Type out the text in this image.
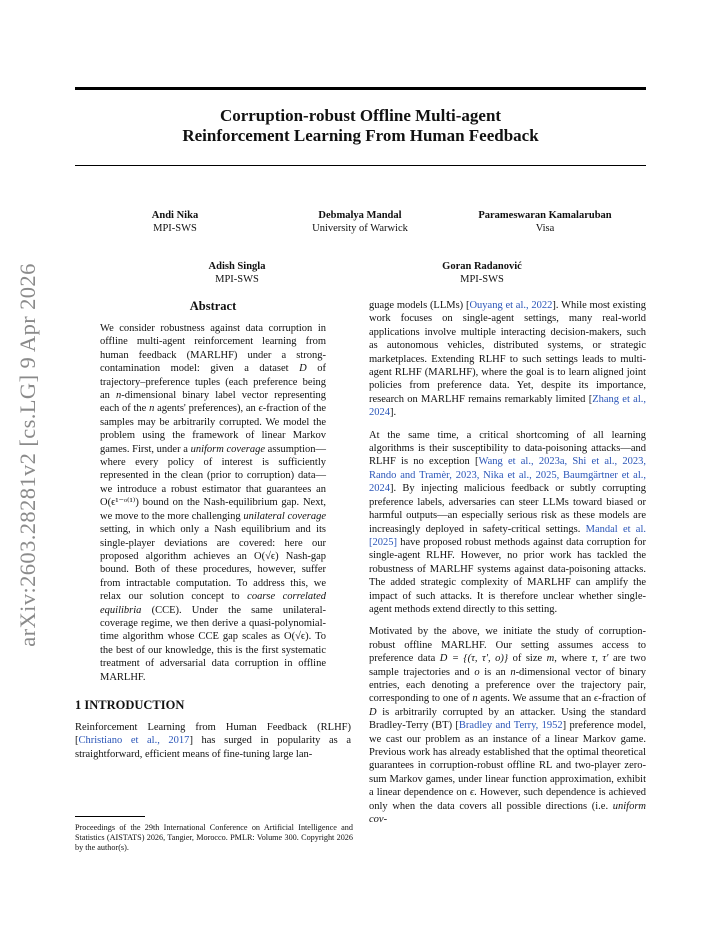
arXiv:2603.28281v2 [cs.LG] 9 Apr 2026
Corruption-robust Offline Multi-agent
Reinforcement Learning From Human Feedback
Andi Nika
MPI-SWS
Debmalya Mandal
University of Warwick
Parameswaran Kamalaruban
Visa
Adish Singla
MPI-SWS
Goran Radanović
MPI-SWS
Abstract

We consider robustness against data corruption in offline multi-agent reinforcement learning from human feedback (MARLHF) under a strong-contamination model: given a dataset D of trajectory–preference tuples (each preference being an n-dimensional binary label vector representing each of the n agents' preferences), an ϵ-fraction of the samples may be arbitrarily corrupted. We model the problem using the framework of linear Markov games. First, under a uniform coverage assumption—where every policy of interest is sufficiently represented in the clean (prior to corruption) data—we introduce a robust estimator that guarantees an O(ϵ¹⁻ᵒ⁽¹⁾) bound on the Nash-equilibrium gap. Next, we move to the more challenging unilateral coverage setting, in which only a Nash equilibrium and its single-player deviations are covered: here our proposed algorithm achieves an O(√ϵ) Nash-gap bound. Both of these procedures, however, suffer from intractable computation. To address this, we relax our solution concept to coarse correlated equilibria (CCE). Under the same unilateral-coverage regime, we then derive a quasi-polynomial-time algorithm whose CCE gap scales as O(√ϵ). To the best of our knowledge, this is the first systematic treatment of adversarial data corruption in offline MARLHF.

1 INTRODUCTION

Reinforcement Learning from Human Feedback (RLHF) [Christiano et al., 2017] has surged in popularity as a straightforward, efficient means of fine-tuning large lan-

Proceedings of the 29th International Conference on Artificial Intelligence and Statistics (AISTATS) 2026, Tangier, Morocco. PMLR: Volume 300. Copyright 2026 by the author(s).

guage models (LLMs) [Ouyang et al., 2022]. While most existing work focuses on single-agent settings, many real-world applications involve multiple interacting decision-makers, such as autonomous vehicles, distributed systems, or strategic marketplaces. Extending RLHF to such settings leads to multi-agent RLHF (MARLHF), where the goal is to learn aligned joint policies from preference data. Yet, despite its importance, research on MARLHF remains remarkably limited [Zhang et al., 2024].

At the same time, a critical shortcoming of all learning algorithms is their susceptibility to data-poisoning attacks—and RLHF is no exception [Wang et al., 2023a, Shi et al., 2023, Rando and Tramèr, 2023, Nika et al., 2025, Baumgärtner et al., 2024]. By injecting malicious feedback or subtly corrupting preference labels, adversaries can steer LLMs toward biased or harmful outputs—an especially serious risk as these models are increasingly deployed in safety-critical settings. Mandal et al. [2025] have proposed robust methods against data corruption for single-agent RLHF. However, no prior work has tackled the robustness of MARLHF systems against data-poisoning attacks. The added strategic complexity of MARLHF can amplify the impact of such attacks. It is therefore unclear whether single-agent methods extend directly to this setting.

Motivated by the above, we initiate the study of corruption-robust offline MARLHF. Our setting assumes access to preference data D = {(τ, τ′, o)} of size m, where τ, τ′ are two sample trajectories and o is an n-dimensional vector of binary entries, each denoting a preference over the trajectory pair, corresponding to one of n agents. We assume that an ϵ-fraction of D is arbitrarily corrupted by an attacker. Using the standard Bradley-Terry (BT) [Bradley and Terry, 1952] preference model, we cast our problem as an instance of a linear Markov game. Previous work has already established that the optimal theoretical guarantees in corruption-robust offline RL and two-player zero-sum Markov games, under linear function approximation, exhibit a linear dependence on ϵ. However, such dependence is achieved only when the data covers all possible directions (i.e. uniform cov-
